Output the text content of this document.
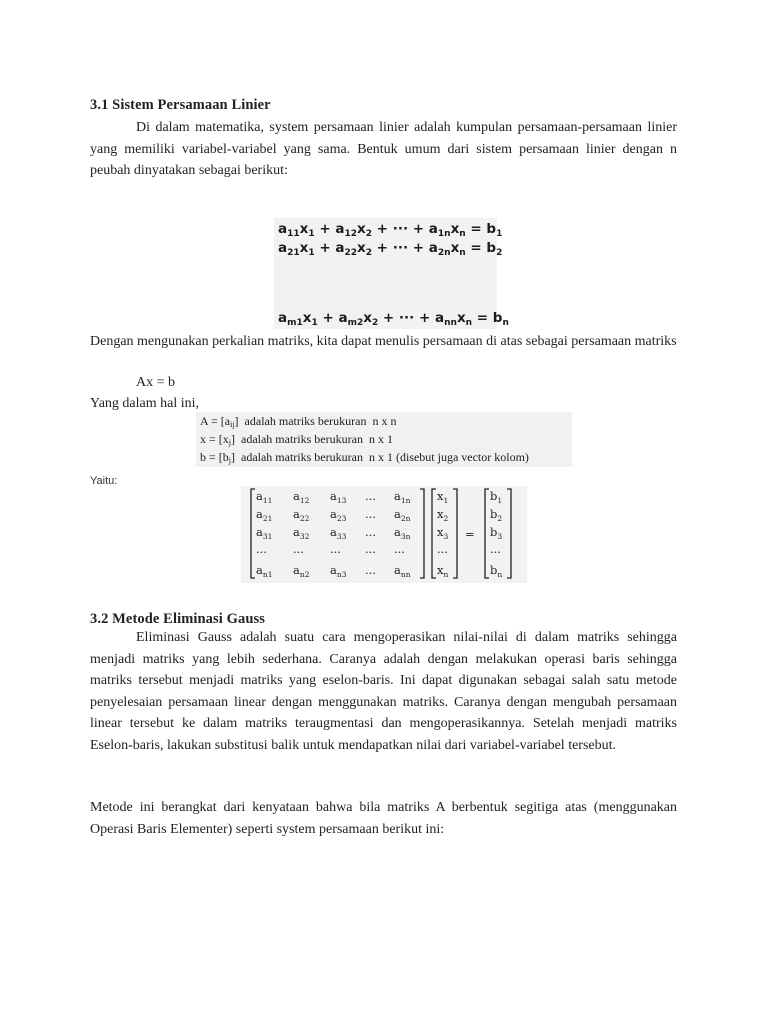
3.1 Sistem Persamaan Linier

Di dalam matematika, system persamaan linier adalah kumpulan persamaan-persamaan linier yang memiliki variabel-variabel yang sama. Bentuk umum dari sistem persamaan linier dengan n peubah dinyatakan sebagai berikut:

$a_{11}x_1 + a_{12}x_2$ + ··· + $a_{1n}x_n = b_1$
$a_{21}x_1 + a_{22}x_2$ + ··· + $a_{2n}x_n = b_2$
$a_{m1}x_1 + a_{m2}x_2$ + ··· + $a_{nn}x_n = b_n$

Dengan mengunakan perkalian matriks, kita dapat menulis persamaan di atas sebagai persamaan matriks

Ax = b
Yang dalam hal ini,
$A = [a_{ij}]$  adalah matriks berukuran  n x n
$x = [x_j]$  adalah matriks berukuran  n x 1
$b = [b_j]$  adalah matriks berukuran  n x 1 (disebut juga vector kolom)
Yaitu:
$a_{11}$ $a_{12}$ $a_{13}$ ... $a_{1n}$
$a_{21}$ $a_{22}$ $a_{23}$ ... $a_{2n}$
$a_{31}$ $a_{32}$ $a_{33}$ ... $a_{3n}$
... ... ... ... ...
$a_{n1}$ $a_{n2}$ $a_{n3}$ ... $a_{nn}$
$x_1$
$x_2$
$x_3$
...
$x_n$
=
$b_1$
$b_2$
$b_3$
...
$b_n$
3.2 Metode Eliminasi Gauss

Eliminasi Gauss adalah suatu cara mengoperasikan nilai-nilai di dalam matriks sehingga menjadi matriks yang lebih sederhana. Caranya adalah dengan melakukan operasi baris sehingga matriks tersebut menjadi matriks yang eselon-baris. Ini dapat digunakan sebagai salah satu metode penyelesaian persamaan linear dengan menggunakan matriks. Caranya dengan mengubah persamaan linear tersebut ke dalam matriks teraugmentasi dan mengoperasikannya. Setelah menjadi matriks Eselon-baris, lakukan substitusi balik untuk mendapatkan nilai dari variabel-variabel tersebut.

Metode ini berangkat dari kenyataan bahwa bila matriks A berbentuk segitiga atas (menggunakan Operasi Baris Elementer) seperti system persamaan berikut ini:
